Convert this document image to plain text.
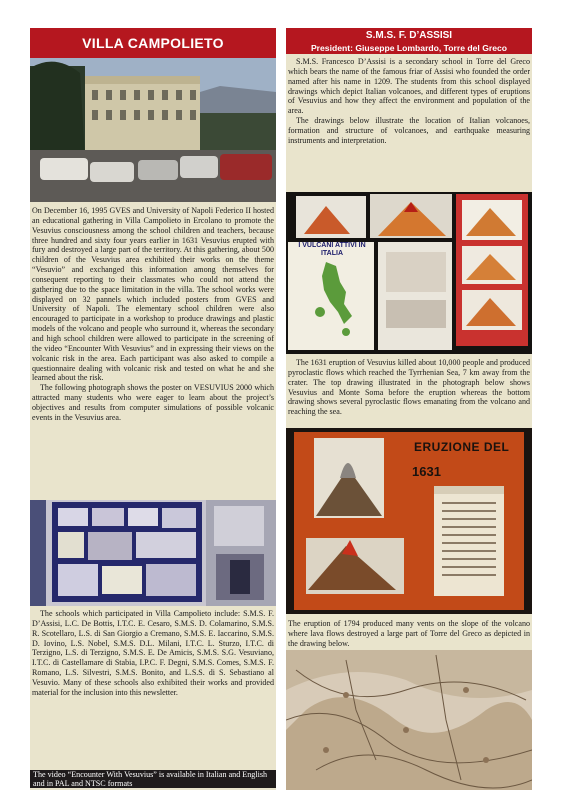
VILLA CAMPOLIETO

On December 16, 1995 GVES and University of Napoli Federico II hosted an educational gathering in Villa Campolieto in Ercolano to promote the Vesuvius consciousness among the school children and teachers, because three hundred and sixty four years earlier in 1631 Vesuvius erupted with fury and destroyed a large part of the territory. At this gathering, about 500 children of the Vesuvius area exhibited their works on the theme “Vesuvio” and exchanged this information among themselves for consequent reporting to their classmates who could not attend the gathering due to the space limitation in the villa. The school works were displayed on 32 pannels which included posters from GVES and University of Napoli. The elementary school children were also encouraged to participate in a workshop to produce drawings and plastic models of the volcano and people who surround it, whereas the secondary and high school children were allowed to participate in the screening of the video “Encounter With Vesuvius” and in expressing their views on the volcanic risk in the area. Each participant was also asked to compile a questionnaire dealing with volcanic risk and tested on what he and she learned about the risk.

The following photograph shows the poster on VESUVIUS 2000 which attracted many students who were eager to learn about the project’s objectives and results from computer simulations of possible volcanic events in the Vesuvius area.

The schools which participated in Villa Campolieto include: S.M.S. F. D’Assisi, L.C. De Bottis, I.T.C. E. Cesaro, S.M.S. D. Colamarino, S.M.S. R. Scotellaro, L.S. di San Giorgio a Cremano, S.M.S. E. Iaccarino, S.M.S. D. Iovino, L.S. Nobel, S.M.S. D.L. Milani, I.T.C. L. Sturzo, I.T.C. di Terzigno, L.S. di Terzigno, S.M.S. E. De Amicis, S.M.S. S.G. Vesuviano, I.T.C. di Castellamare di Stabia, I.P.C. F. Degni, S.M.S. Comes, S.M.S. F. Romano, L.S. Silvestri, S.M.S. Bonito, and L.S.S. di S. Sebastiano al Vesuvio. Many of these schools also exhibited their works and provided material for the inclusion into this newsletter.

The video “Encounter With Vesuvius” is available in Italian and English and in PAL and NTSC formats
S.M.S. F. D’ASSISI
President: Giuseppe Lombardo, Torre del Greco

S.M.S. Francesco D’Assisi is a secondary school in Torre del Greco which bears the name of the famous friar of Assisi who founded the order named after his name in 1209. The students from this school displayed drawings which depict Italian volcanoes, and different types of eruptions of Vesuvius and how they affect the environment and population of the area.

The drawings below illustrate the location of Italian volcanoes, formation and structure of volcanoes, and earthquake measuring instruments and interpretation.

I VULCANI ATTIVI IN ITALIA

The 1631 eruption of Vesuvius killed about 10,000 people and produced pyroclastic flows which reached the Tyrrhenian Sea, 7 km away from the crater. The top drawing illustrated in the photograph below shows Vesuvius and Monte Soma before the eruption whereas the bottom drawing shows several pyroclastic flows emanating from the volcano and reaching the sea.

ERUZIONE DEL
1631

The eruption of 1794 produced many vents on the slope of the volcano where lava flows destroyed a large part of Torre del Greco as depicted in the drawing below.
